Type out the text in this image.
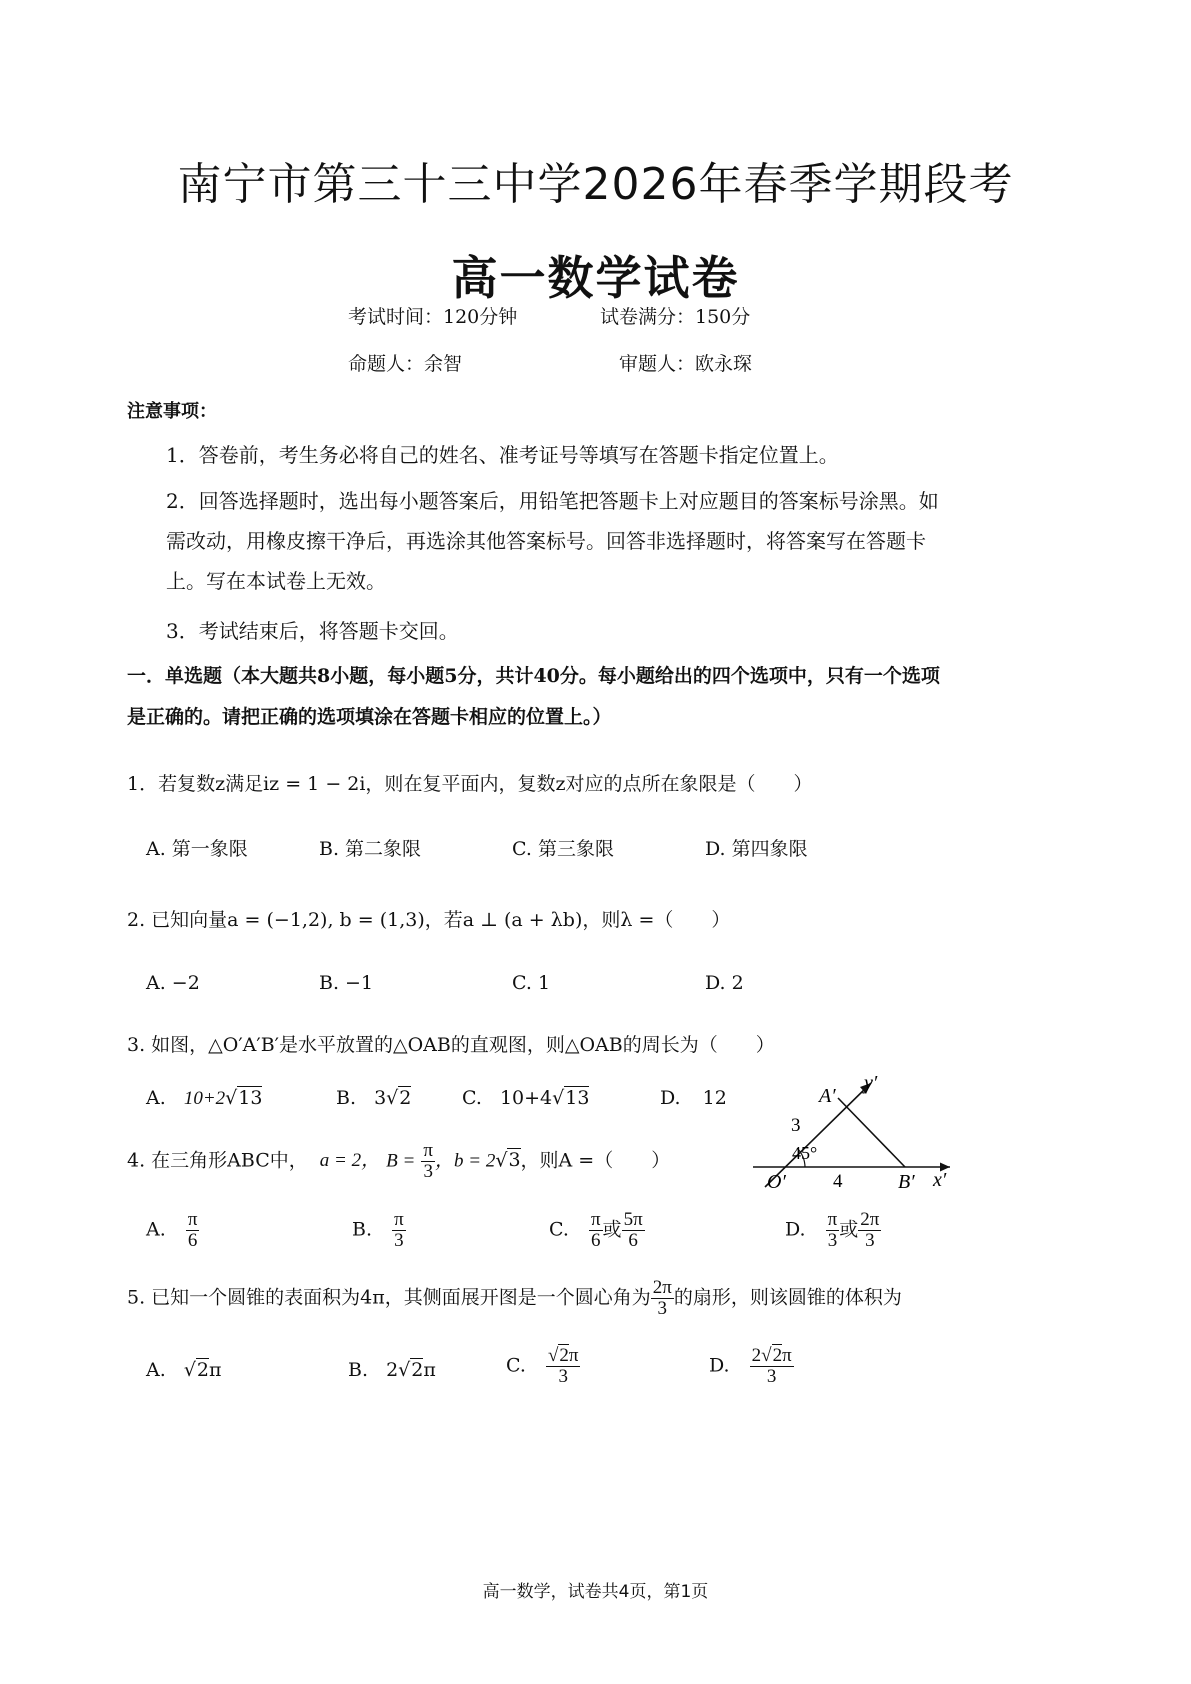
南宁市第三十三中学2026年春季学期段考
高一数学试卷
考试时间：120分钟	试卷满分：150分
命题人：余智	审题人：欧永琛
注意事项：
1．答卷前，考生务必将自己的姓名、准考证号等填写在答题卡指定位置上。
2．回答选择题时，选出每小题答案后，用铅笔把答题卡上对应题目的答案标号涂黑。如
需改动，用橡皮擦干净后，再选涂其他答案标号。回答非选择题时，将答案写在答题卡
上。写在本试卷上无效。
3．考试结束后，将答题卡交回。
一．单选题（本大题共8小题，每小题5分，共计40分。每小题给出的四个选项中，只有一个选项
是正确的。请把正确的选项填涂在答题卡相应的位置上。）
1．若复数z满足iz = 1 − 2i，则在复平面内，复数z对应的点所在象限是（　　）
A. 第一象限	B. 第二象限	C. 第三象限	D. 第四象限
2. 已知向量a = (−1,2), b = (1,3)，若a ⊥ (a + λb)，则λ =（　　）
A. −2	B. −1	C. 1	D. 2
3. 如图，△O′A′B′是水平放置的△OAB的直观图，则△OAB的周长为（　　）
A. 10+2√13	B. 3√2	C. 10+4√13	D. 12	A′
y′
3
45°
O′ 4	B′ x′
4. 在三角形ABC中， a = 2， $B = \frac{\pi}{3}$ ，b = 2√3，则A =（　　）
A. $\frac{\pi}{6}$	B. $\frac{\pi}{3}$	C. $\frac{\pi}{6}$ 或 $\frac{5\pi}{6}$	D. $\frac{\pi}{3}$ 或 $\frac{2\pi}{3}$
5. 已知一个圆锥的表面积为4π，其侧面展开图是一个圆心角为 $\frac{2\pi}{3}$ 的扇形，则该圆锥的体积为
A. √2π	B. 2√2π	C. $\frac{√2\pi}{3}$	D. $\frac{2√2\pi}{3}$
高一数学，试卷共4页，第1页
